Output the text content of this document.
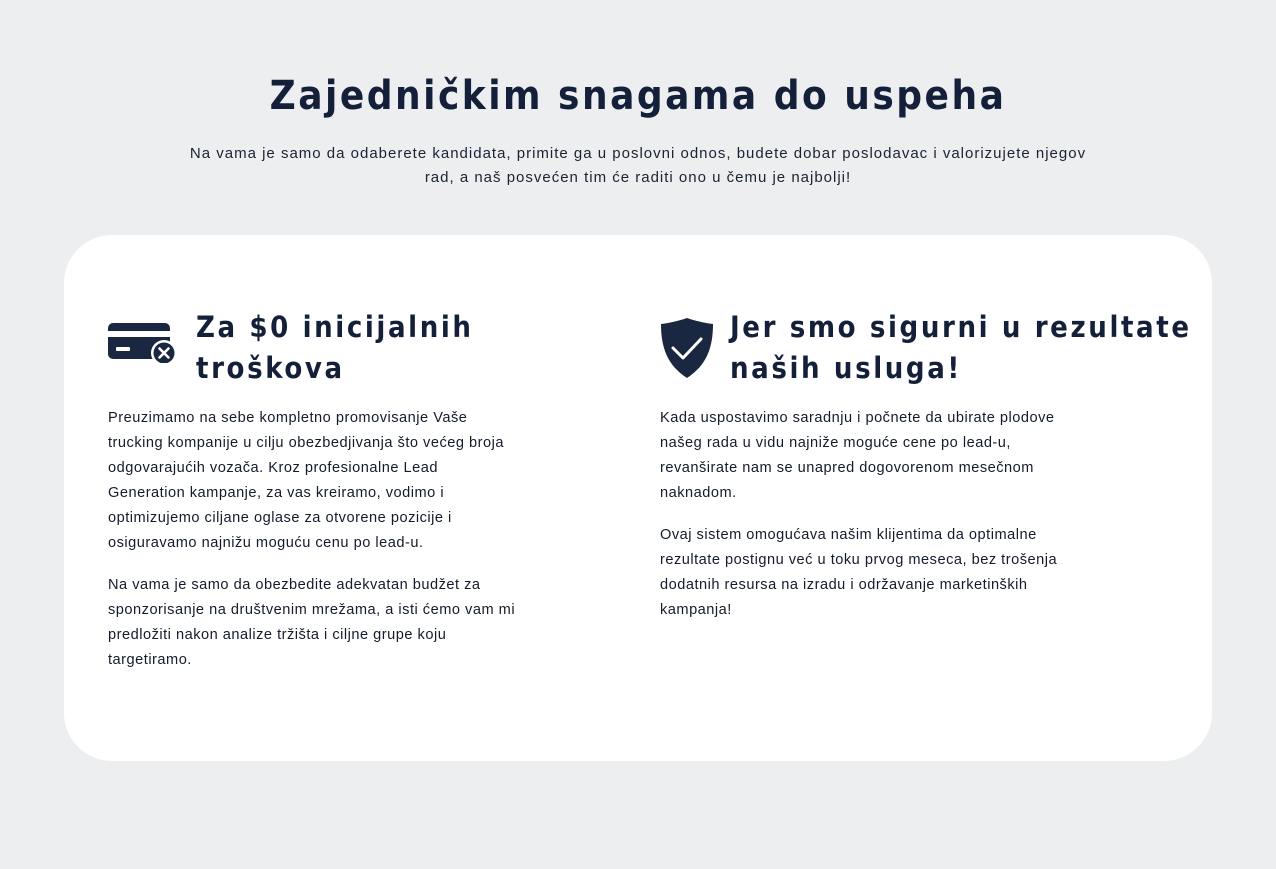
Zajedničkim snagama do uspeha

Na vama je samo da odaberete kandidata, primite ga u poslovni odnos, budete dobar poslodavac i valorizujete njegov
rad, a naš posvećen tim će raditi ono u čemu je najbolji!

Za $0 inicijalnih
troškova

Preuzimamo na sebe kompletno promovisanje Vaše
trucking kompanije u cilju obezbedjivanja što većeg broja
odgovarajućih vozača. Kroz profesionalne Lead
Generation kampanje, za vas kreiramo, vodimo i
optimizujemo ciljane oglase za otvorene pozicije i
osiguravamo najnižu moguću cenu po lead-u.

Na vama je samo da obezbedite adekvatan budžet za
sponzorisanje na društvenim mrežama, a isti ćemo vam mi
predložiti nakon analize tržišta i ciljne grupe koju
targetiramo.

Jer smo sigurni u rezultate
naših usluga!

Kada uspostavimo saradnju i počnete da ubirate plodove
našeg rada u vidu najniže moguće cene po lead-u,
revanširate nam se unapred dogovorenom mesečnom
naknadom.

Ovaj sistem omogućava našim klijentima da optimalne
rezultate postignu već u toku prvog meseca, bez trošenja
dodatnih resursa na izradu i održavanje marketinških
kampanja!
